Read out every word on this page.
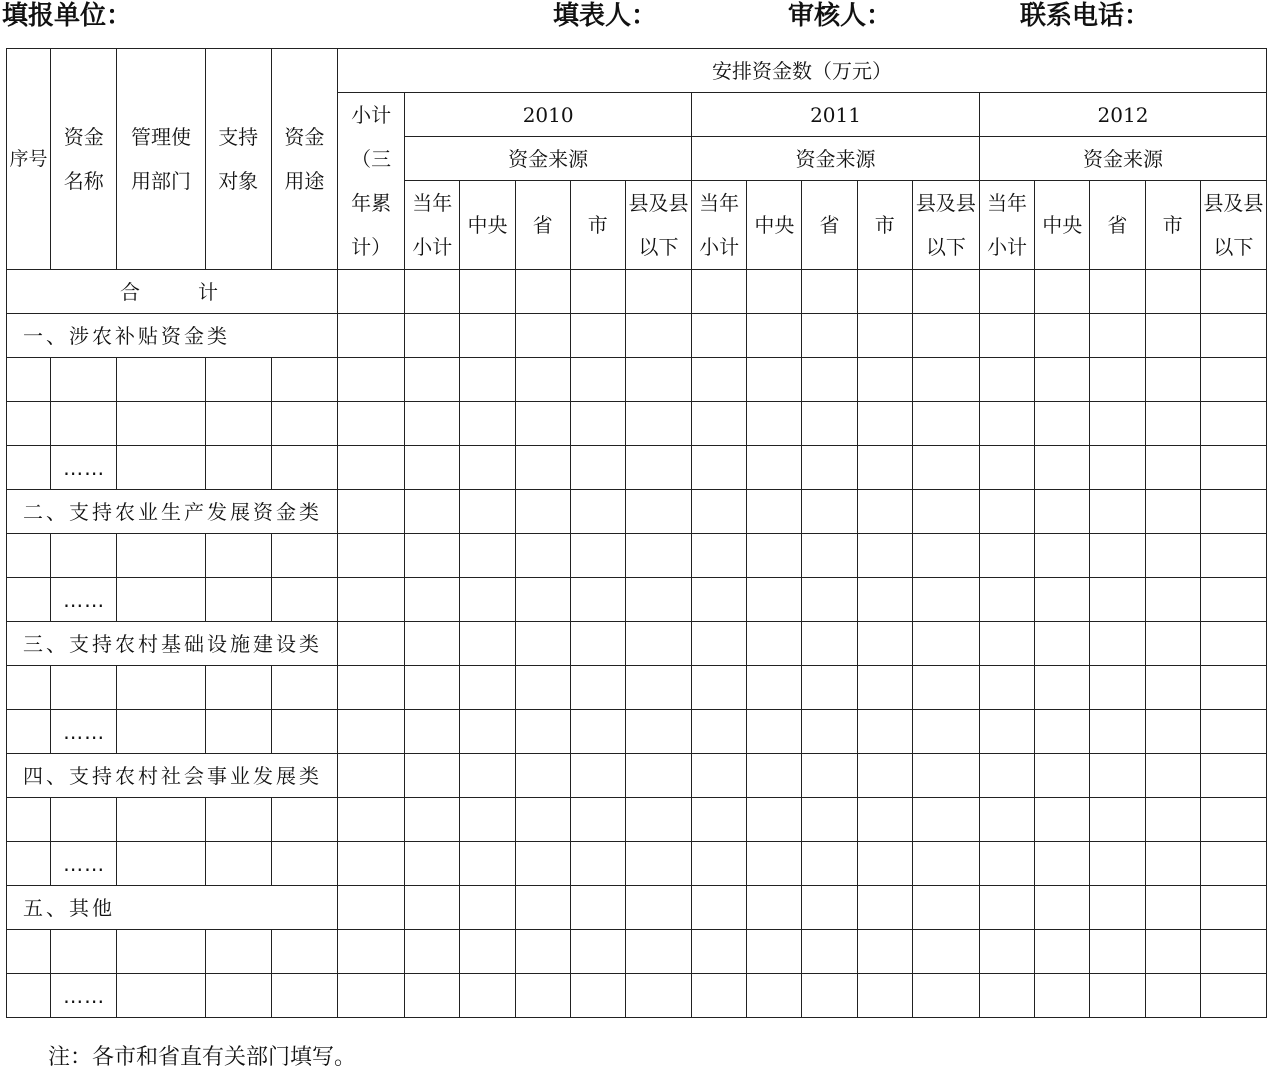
填报单位：	填表人：	审核人：	联系电话：
序号	资金名称	管理使用部门	支持对象	资金用途	安排资金数（万元）															
					小计（三年累计）	2010					2011					2012				
						资金来源					资金来源					资金来源				
						当年小计	中央	省	市	县及县以下	当年小计	中央	省	市	县及县以下	当年小计	中央	省	市	县及县以下

合　　计																				
一、涉农补贴资金类																				

	……																			
二、支持农业生产发展资金类																				

	……																			
三、支持农村基础设施建设类																				

	……																			
四、支持农村社会事业发展类																				

	……																			
五、其他																				

	……																			
注：各市和省直有关部门填写。
